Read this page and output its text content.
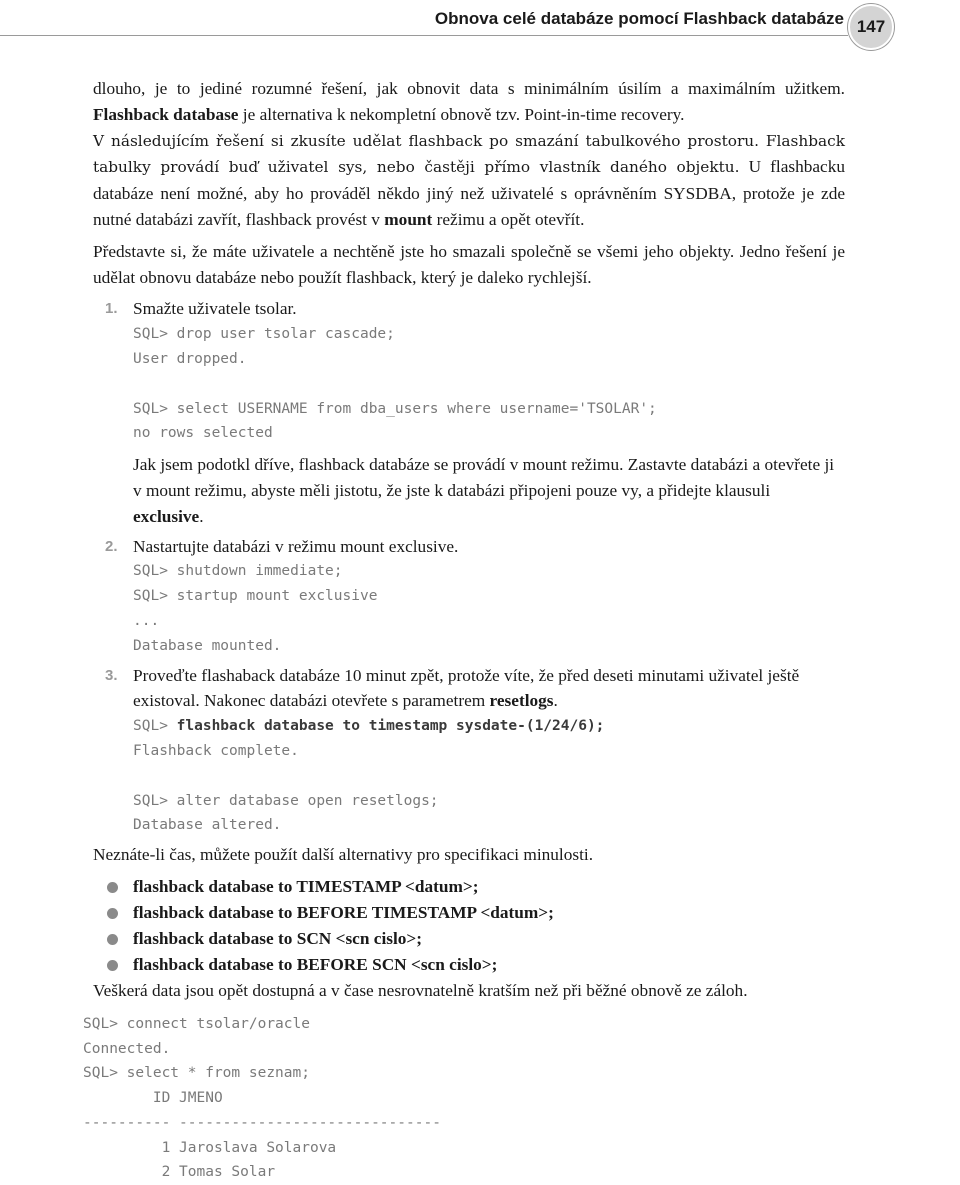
Obnova celé databáze pomocí Flashback databáze 147

dlouho, je to jediné rozumné řešení, jak obnovit data s minimálním úsilím a maximálním užitkem. Flashback database je alternativa k nekompletní obnově tzv. Point-in-time recovery.

V následujícím řešení si zkusíte udělat flashback po smazání tabulkového prostoru. Flashback tabulky provádí buď uživatel sys, nebo častěji přímo vlastník daného objektu. U flashbacku databáze není možné, aby ho prováděl někdo jiný než uživatelé s oprávněním SYSDBA, protože je zde nutné databázi zavřít, flashback provést v mount režimu a opět otevřít.

Představte si, že máte uživatele a nechtěně jste ho smazali společně se všemi jeho objekty. Jedno řešení je udělat obnovu databáze nebo použít flashback, který je daleko rychlejší.

1. Smažte uživatele tsolar.

SQL> drop user tsolar cascade;
User dropped.
SQL> select USERNAME from dba_users where username='TSOLAR';
no rows selected

Jak jsem podotkl dříve, flashback databáze se provádí v mount režimu. Zastavte databázi a otevřete ji v mount režimu, abyste měli jistotu, že jste k databázi připojeni pouze vy, a přidejte klausuli exclusive.

2. Nastartujte databázi v režimu mount exclusive.

SQL> shutdown immediate;
SQL> startup mount exclusive
...
Database mounted.
3. Proveďte flashaback databáze 10 minut zpět, protože víte, že před deseti minutami uživatel ještě existoval. Nakonec databázi otevřete s parametrem resetlogs.

SQL> flashback database to timestamp sysdate-(1/24/6);
Flashback complete.
SQL> alter database open resetlogs;
Database altered.

Neznáte-li čas, můžete použít další alternativy pro specifikaci minulosti.

flashback database to TIMESTAMP <datum>;
flashback database to BEFORE TIMESTAMP <datum>;
flashback database to SCN <scn cislo>;
flashback database to BEFORE SCN <scn cislo>;

Veškerá data jsou opět dostupná a v čase nesrovnatelně kratším než při běžné obnově ze záloh.

SQL> connect tsolar/oracle
Connected.
SQL> select * from seznam;
ID JMENO
---------- ------------------------------
1 Jaroslava Solarova
2 Tomas Solar
